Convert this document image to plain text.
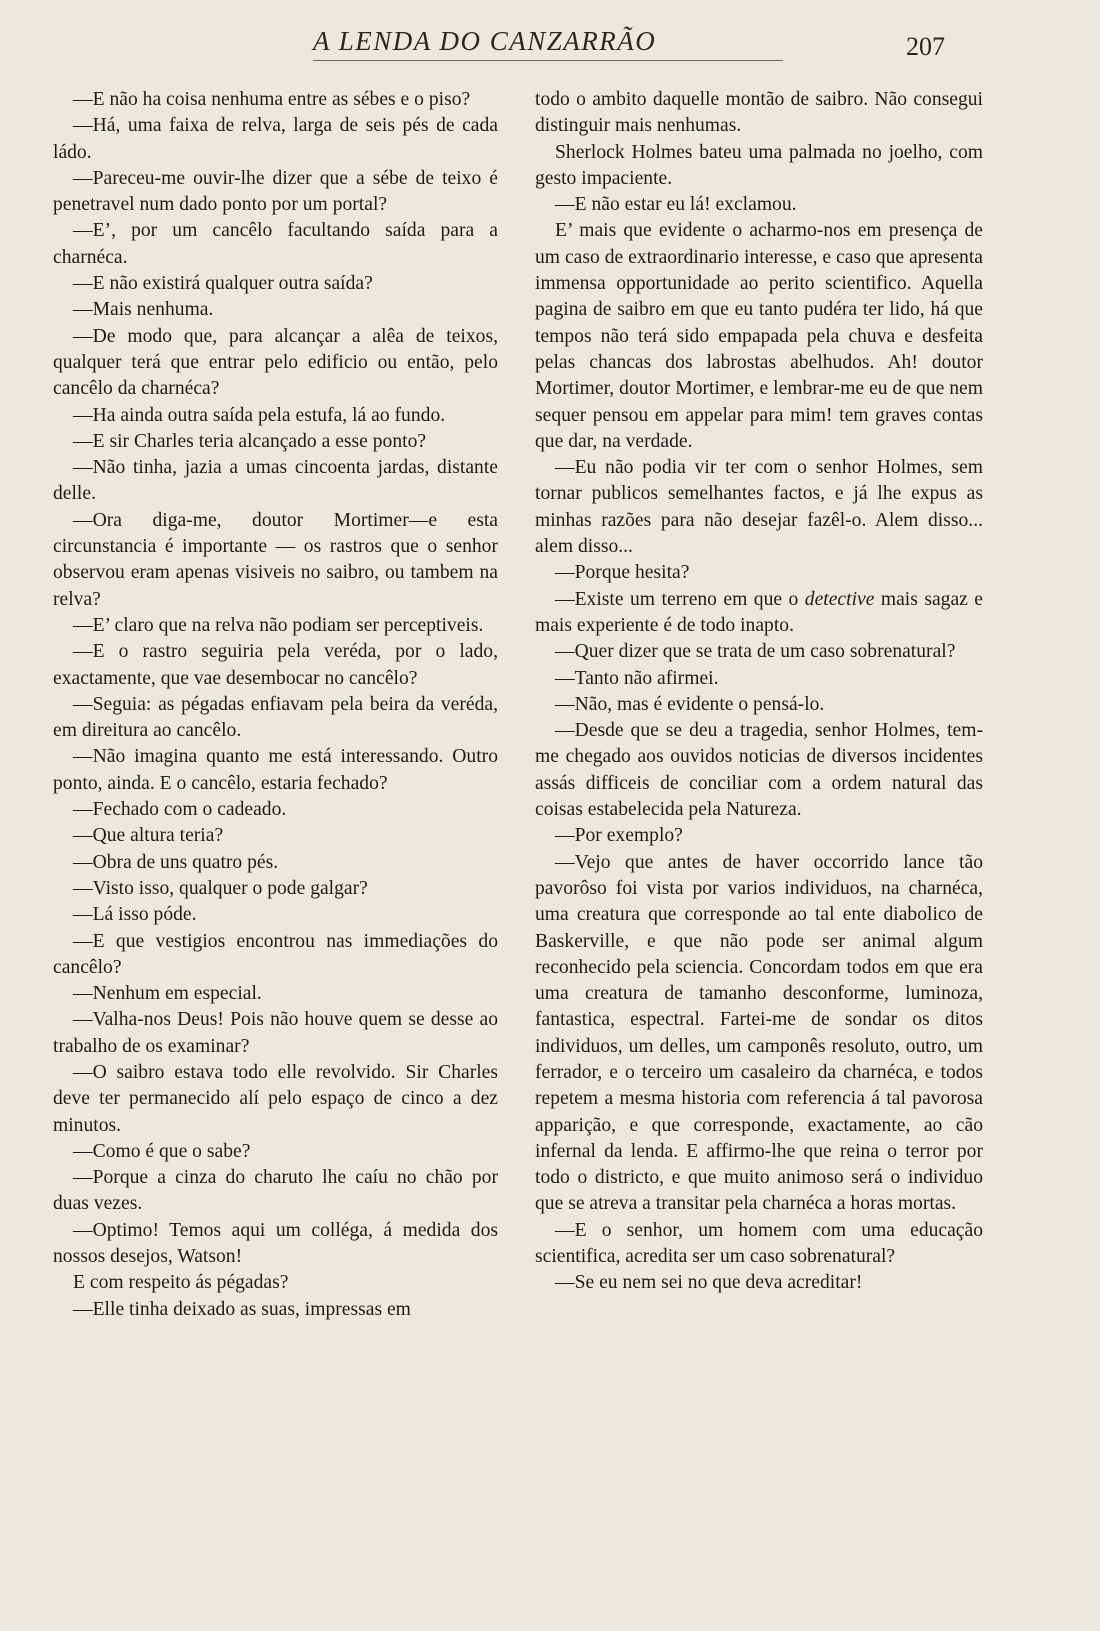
A LENDA DO CANZARRÃO	207

—E não ha coisa nenhuma entre as sébes e o piso?

—Há, uma faixa de relva, larga de seis pés de cada ládo.

—Pareceu-me ouvir-lhe dizer que a sébe de teixo é penetravel num dado ponto por um portal?

—E’, por um cancêlo facultando saída para a charnéca.

—E não existirá qualquer outra saída?

—Mais nenhuma.

—De modo que, para alcançar a alêa de teixos, qualquer terá que entrar pelo edificio ou então, pelo cancêlo da charnéca?

—Ha ainda outra saída pela estufa, lá ao fundo.

—E sir Charles teria alcançado a esse ponto?

—Não tinha, jazia a umas cincoenta jardas, distante delle.

—Ora diga-me, doutor Mortimer—e esta circunstancia é importante — os rastros que o senhor observou eram apenas visiveis no saibro, ou tambem na relva?

—E’ claro que na relva não podiam ser perceptiveis.

—E o rastro seguiria pela veréda, por o lado, exactamente, que vae desembocar no cancêlo?

—Seguia: as pégadas enfiavam pela beira da veréda, em direitura ao cancêlo.

—Não imagina quanto me está interessando. Outro ponto, ainda. E o cancêlo, estaria fechado?

—Fechado com o cadeado.

—Que altura teria?

—Obra de uns quatro pés.

—Visto isso, qualquer o pode galgar?

—Lá isso póde.

—E que vestigios encontrou nas immediações do cancêlo?

—Nenhum em especial.

—Valha-nos Deus! Pois não houve quem se desse ao trabalho de os examinar?

—O saibro estava todo elle revolvido. Sir Charles deve ter permanecido alí pelo espaço de cinco a dez minutos.

—Como é que o sabe?

—Porque a cinza do charuto lhe caíu no chão por duas vezes.

—Optimo! Temos aqui um colléga, á medida dos nossos desejos, Watson!

E com respeito ás pégadas?

—Elle tinha deixado as suas, impressas em

todo o ambito daquelle montão de saibro. Não consegui distinguir mais nenhumas.

Sherlock Holmes bateu uma palmada no joelho, com gesto impaciente.

—E não estar eu lá! exclamou.

E’ mais que evidente o acharmo-nos em presença de um caso de extraordinario interesse, e caso que apresenta immensa opportunidade ao perito scientifico. Aquella pagina de saibro em que eu tanto pudéra ter lido, há que tempos não terá sido empapada pela chuva e desfeita pelas chancas dos labrostas abelhudos. Ah! doutor Mortimer, doutor Mortimer, e lembrar-me eu de que nem sequer pensou em appelar para mim! tem graves contas que dar, na verdade.

—Eu não podia vir ter com o senhor Holmes, sem tornar publicos semelhantes factos, e já lhe expus as minhas razões para não desejar fazêl-o. Alem disso... alem disso...

—Porque hesita?

—Existe um terreno em que o detective mais sagaz e mais experiente é de todo inapto.

—Quer dizer que se trata de um caso sobrenatural?

—Tanto não afirmei.

—Não, mas é evidente o pensá-lo.

—Desde que se deu a tragedia, senhor Holmes, tem-me chegado aos ouvidos noticias de diversos incidentes assás difficeis de conciliar com a ordem natural das coisas estabelecida pela Natureza.

—Por exemplo?

—Vejo que antes de haver occorrido lance tão pavorôso foi vista por varios individuos, na charnéca, uma creatura que corresponde ao tal ente diabolico de Baskerville, e que não pode ser animal algum reconhecido pela sciencia. Concordam todos em que era uma creatura de tamanho desconforme, luminoza, fantastica, espectral. Fartei-me de sondar os ditos individuos, um delles, um camponês resoluto, outro, um ferrador, e o terceiro um casaleiro da charnéca, e todos repetem a mesma historia com referencia á tal pavorosa apparição, e que corresponde, exactamente, ao cão infernal da lenda. E affirmo-lhe que reina o terror por todo o districto, e que muito animoso será o individuo que se atreva a transitar pela charnéca a horas mortas.

—E o senhor, um homem com uma educação scientifica, acredita ser um caso sobrenatural?

—Se eu nem sei no que deva acreditar!
